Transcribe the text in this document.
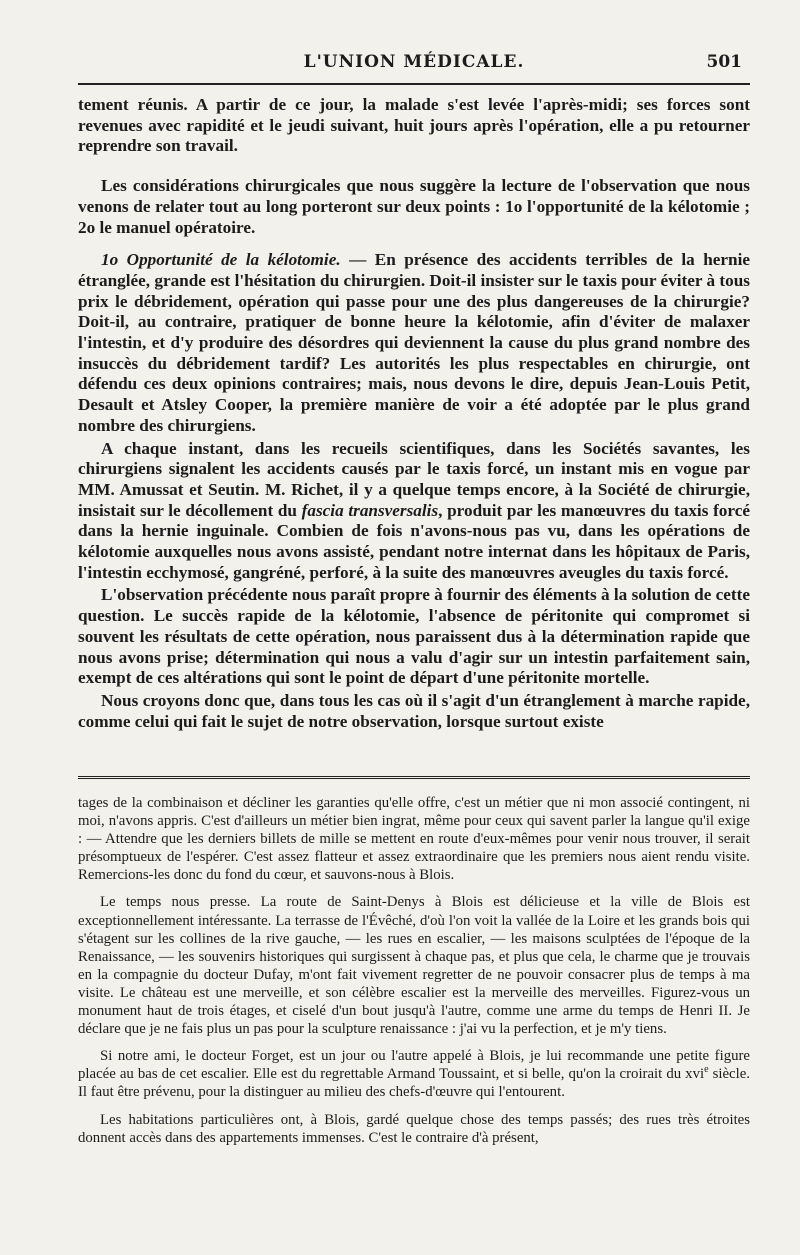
L'UNION MÉDICALE.	501

tement réunis. A partir de ce jour, la malade s'est levée l'après-midi; ses forces sont revenues avec rapidité et le jeudi suivant, huit jours après l'opération, elle a pu retourner reprendre son travail.

Les considérations chirurgicales que nous suggère la lecture de l'observation que nous venons de relater tout au long porteront sur deux points : 1o l'opportunité de la kélotomie ; 2o le manuel opératoire.

1o Opportunité de la kélotomie. — En présence des accidents terribles de la hernie étranglée, grande est l'hésitation du chirurgien. Doit-il insister sur le taxis pour éviter à tous prix le débridement, opération qui passe pour une des plus dangereuses de la chirurgie? Doit-il, au contraire, pratiquer de bonne heure la kélotomie, afin d'éviter de malaxer l'intestin, et d'y produire des désordres qui deviennent la cause du plus grand nombre des insuccès du débridement tardif? Les autorités les plus respectables en chirurgie, ont défendu ces deux opinions contraires; mais, nous devons le dire, depuis Jean-Louis Petit, Desault et Atsley Cooper, la première manière de voir a été adoptée par le plus grand nombre des chirurgiens.

A chaque instant, dans les recueils scientifiques, dans les Sociétés savantes, les chirurgiens signalent les accidents causés par le taxis forcé, un instant mis en vogue par MM. Amussat et Seutin. M. Richet, il y a quelque temps encore, à la Société de chirurgie, insistait sur le décollement du fascia transversalis, produit par les manœuvres du taxis forcé dans la hernie inguinale. Combien de fois n'avons-nous pas vu, dans les opérations de kélotomie auxquelles nous avons assisté, pendant notre internat dans les hôpitaux de Paris, l'intestin ecchymosé, gangréné, perforé, à la suite des manœuvres aveugles du taxis forcé.

L'observation précédente nous paraît propre à fournir des éléments à la solution de cette question. Le succès rapide de la kélotomie, l'absence de péritonite qui compromet si souvent les résultats de cette opération, nous paraissent dus à la détermination rapide que nous avons prise; détermination qui nous a valu d'agir sur un intestin parfaitement sain, exempt de ces altérations qui sont le point de départ d'une péritonite mortelle.

Nous croyons donc que, dans tous les cas où il s'agit d'un étranglement à marche rapide, comme celui qui fait le sujet de notre observation, lorsque surtout existe

tages de la combinaison et décliner les garanties qu'elle offre, c'est un métier que ni mon associé contingent, ni moi, n'avons appris. C'est d'ailleurs un métier bien ingrat, même pour ceux qui savent parler la langue qu'il exige : — Attendre que les derniers billets de mille se mettent en route d'eux-mêmes pour venir nous trouver, il serait présomptueux de l'espérer. C'est assez flatteur et assez extraordinaire que les premiers nous aient rendu visite. Remercions-les donc du fond du cœur, et sauvons-nous à Blois.

Le temps nous presse. La route de Saint-Denys à Blois est délicieuse et la ville de Blois est exceptionnellement intéressante. La terrasse de l'Évêché, d'où l'on voit la vallée de la Loire et les grands bois qui s'étagent sur les collines de la rive gauche, — les rues en escalier, — les maisons sculptées de l'époque de la Renaissance, — les souvenirs historiques qui surgissent à chaque pas, et plus que cela, le charme que je trouvais en la compagnie du docteur Dufay, m'ont fait vivement regretter de ne pouvoir consacrer plus de temps à ma visite. Le château est une merveille, et son célèbre escalier est la merveille des merveilles. Figurez-vous un monument haut de trois étages, et ciselé d'un bout jusqu'à l'autre, comme une arme du temps de Henri II. Je déclare que je ne fais plus un pas pour la sculpture renaissance : j'ai vu la perfection, et je m'y tiens.

Si notre ami, le docteur Forget, est un jour ou l'autre appelé à Blois, je lui recommande une petite figure placée au bas de cet escalier. Elle est du regrettable Armand Toussaint, et si belle, qu'on la croirait du xvi$^e$ siècle. Il faut être prévenu, pour la distinguer au milieu des chefs-d'œuvre qui l'entourent.

Les habitations particulières ont, à Blois, gardé quelque chose des temps passés; des rues très étroites donnent accès dans des appartements immenses. C'est le contraire d'à présent,
